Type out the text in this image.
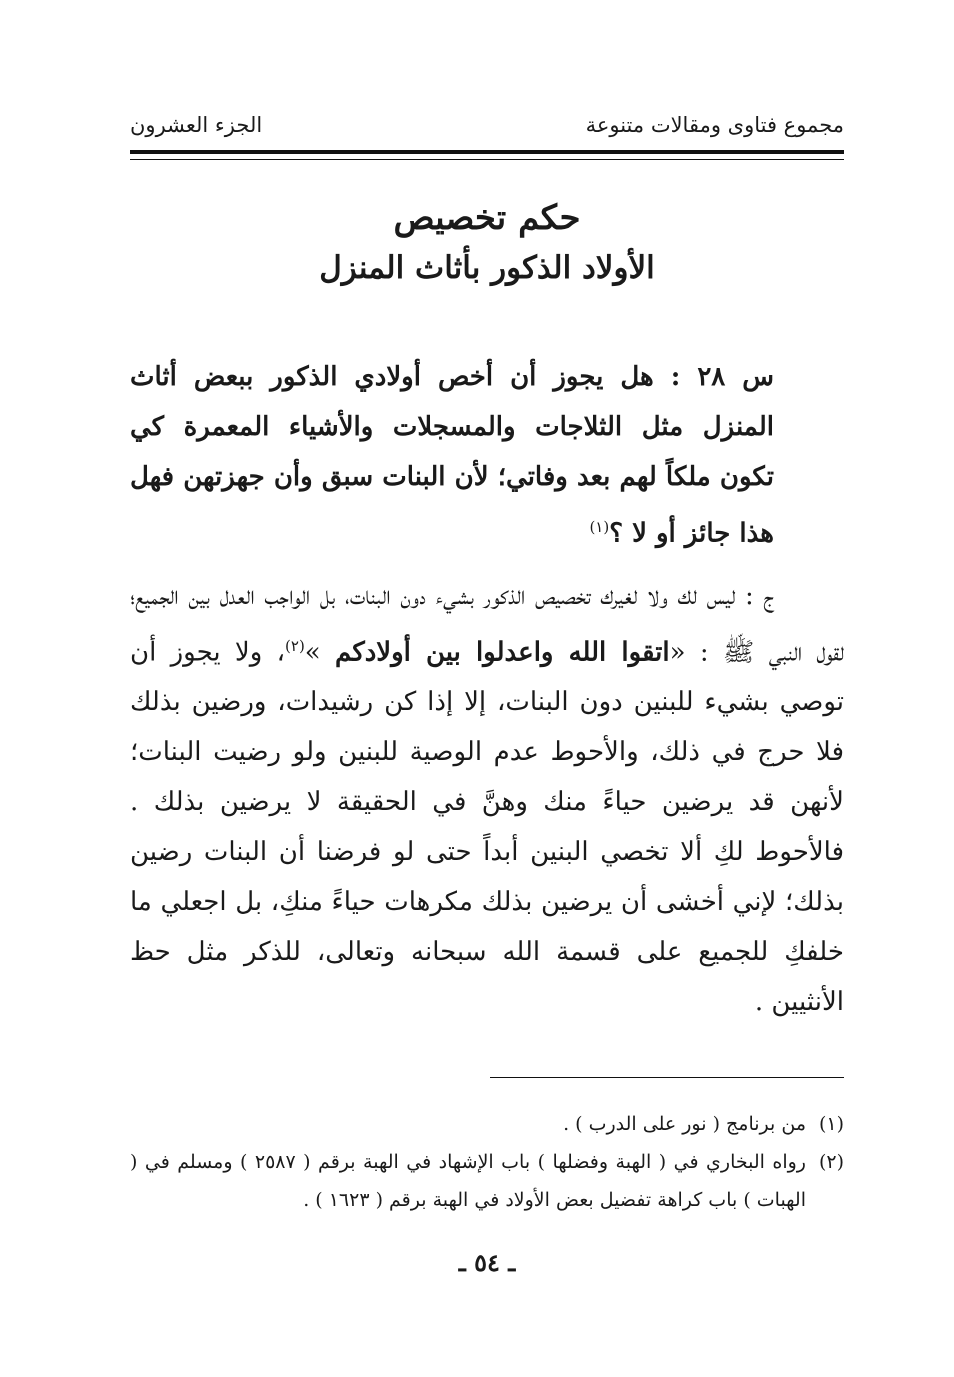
مجموع فتاوى ومقالات متنوعة
الجزء العشرون
حكم تخصيص
الأولاد الذكور بأثاث المنزل
س ٢٨ : هل يجوز أن أخص أولادي الذكور ببعض أثاث المنزل مثل الثلاجات والمسجلات والأشياء المعمرة كي تكون ملكاً لهم بعد وفاتي؛ لأن البنات سبق وأن جهزتهن فهل هذا جائز أو لا ؟$^{(١)}$
ج : ليس لك ولا لغيرك تخصيص الذكور بشيء دون البنات، بل الواجب العدل بين الجميع؛ لقول النبي ﷺ : «اتقوا الله واعدلوا بين أولادكم »$^{(٢)}$، ولا يجوز أن توصي بشيء للبنين دون البنات، إلا إذا كن رشيدات، ورضين بذلك فلا حرج في ذلك، والأحوط عدم الوصية للبنين ولو رضيت البنات؛ لأنهن قد يرضين حياءً منك وهنَّ في الحقيقة لا يرضين بذلك . فالأحوط لكِ ألا تخصي البنين أبداً حتى لو فرضنا أن البنات رضين بذلك؛ لإني أخشى أن يرضين بذلك مكرهات حياءً منكِ، بل اجعلي ما خلفكِ للجميع على قسمة الله سبحانه وتعالى، للذكر مثل حظ الأنثيين .
(١)
من برنامج ( نور على الدرب ) .
(٢)
رواه البخاري في ( الهبة وفضلها ) باب الإشهاد في الهبة برقم ( ٢٥٨٧ ) ومسلم في ( الهبات ) باب كراهة تفضيل بعض الأولاد في الهبة برقم ( ١٦٢٣ ) .
ـ ٥٤ ـ
